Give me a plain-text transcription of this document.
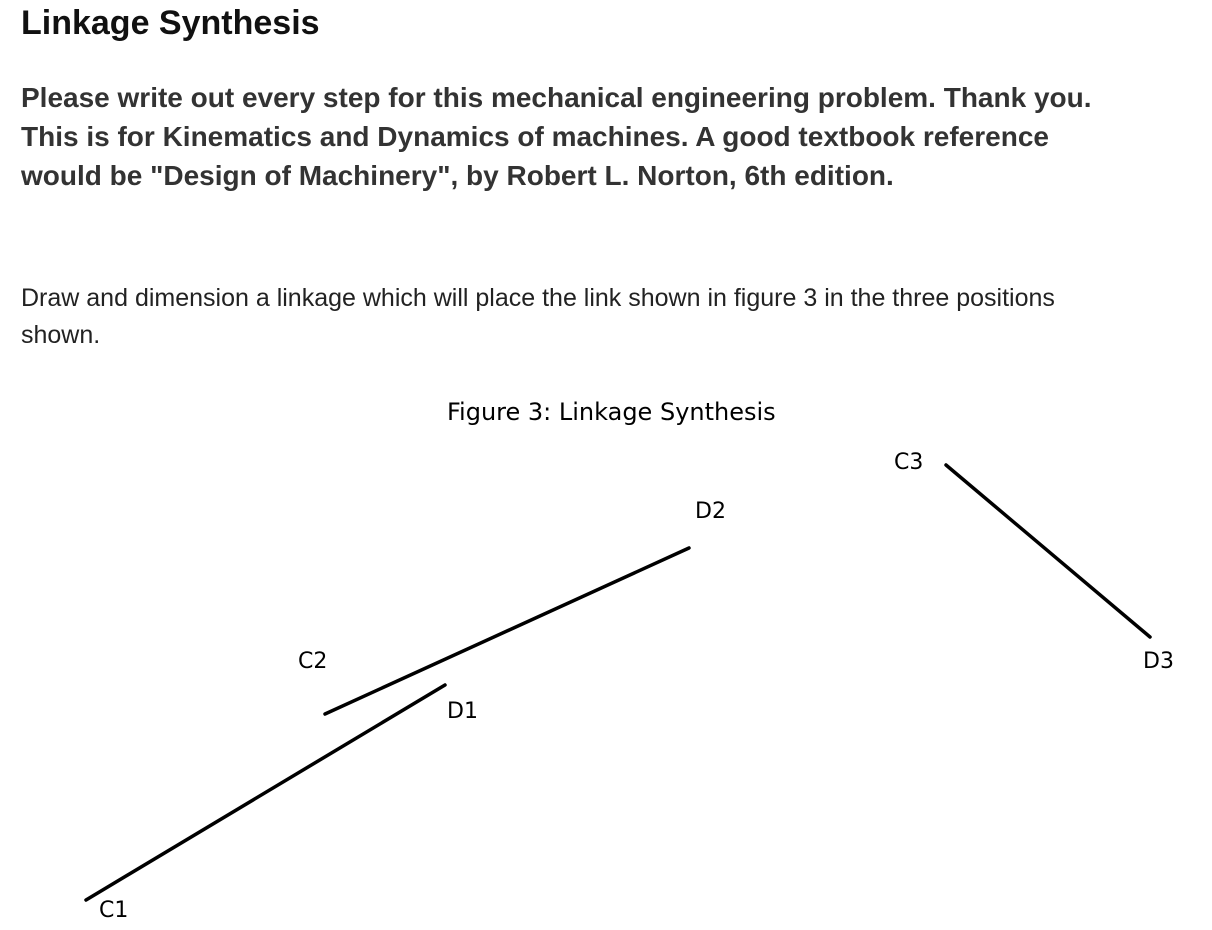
Linkage Synthesis
Please write out every step for this mechanical engineering problem. Thank you.
This is for Kinematics and Dynamics of machines. A good textbook reference
would be "Design of Machinery", by Robert L. Norton, 6th edition.
Draw and dimension a linkage which will place the link shown in figure 3 in the three positions
shown.
Figure 3: Linkage Synthesis
C1
D1
C2
D2
C3
D3
